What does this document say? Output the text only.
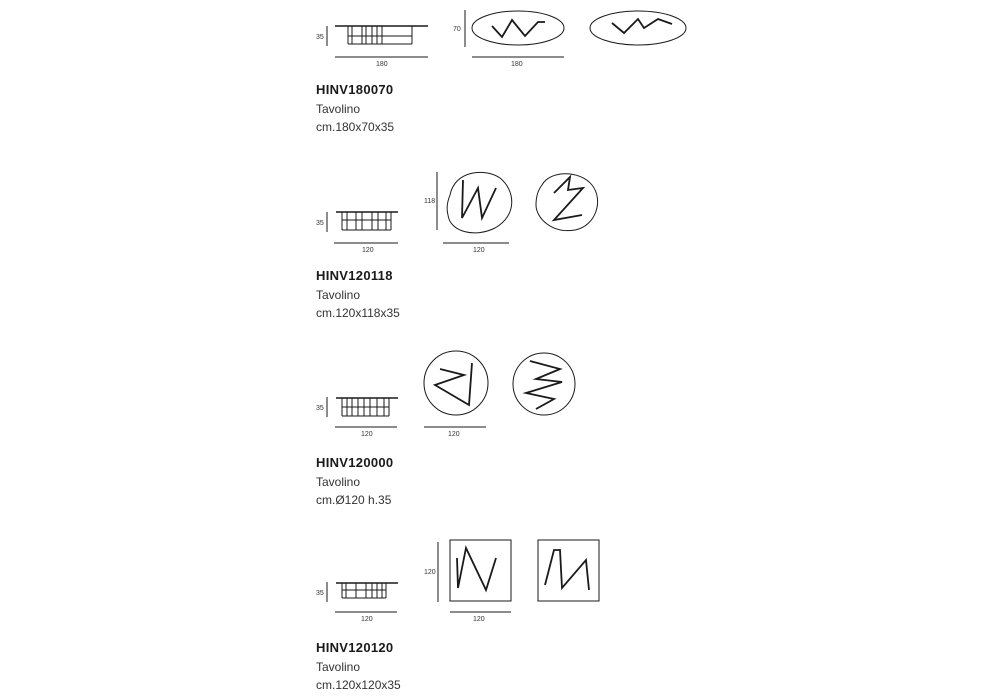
35
180
70
180
HINV180070
Tavolino
cm.180x70x35
35
120
118
120
HINV120118
Tavolino
cm.120x118x35
35
120	120
HINV120000
Tavolino
cm.Ø120 h.35
35
120
120
120
HINV120120
Tavolino
cm.120x120x35
